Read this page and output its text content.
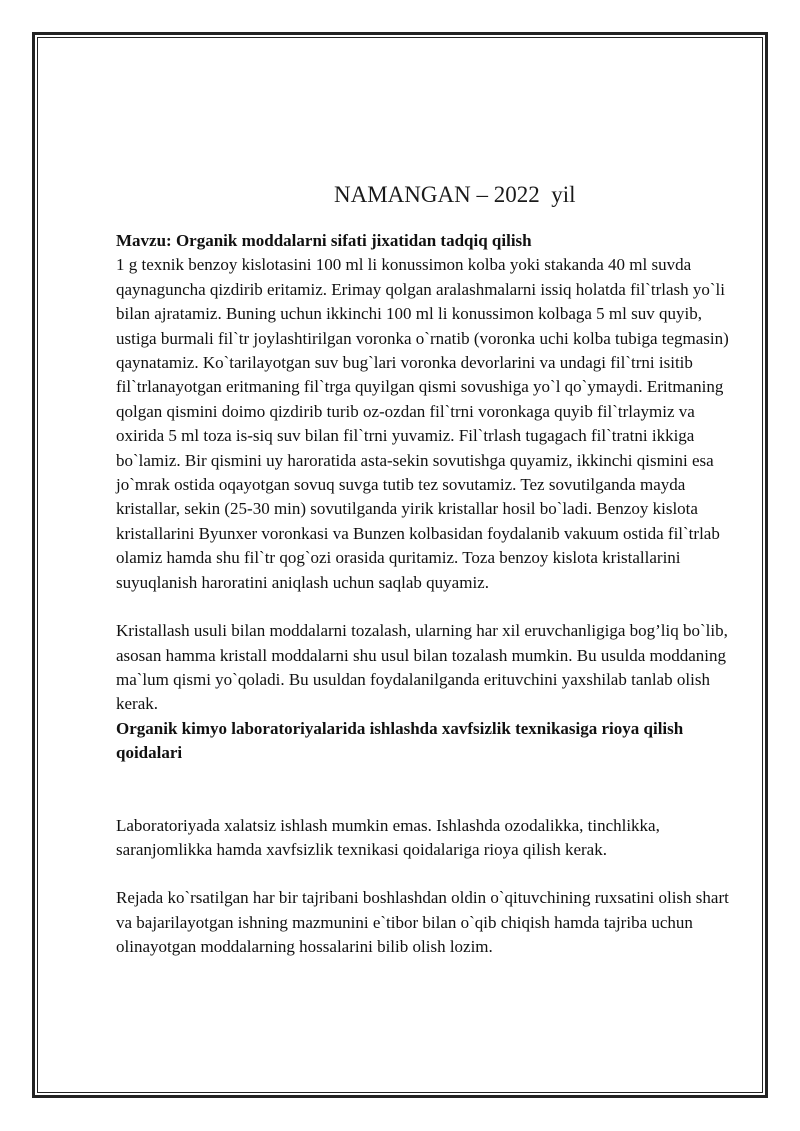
NAMANGAN – 2022  yil

Mavzu: Organik moddalarni sifati jixatidan tadqiq qilish

1 g texnik benzoy kislotasini 100 ml li konussimon kolba yoki stakanda 40 ml suvda qaynaguncha qizdirib eritamiz. Erimay qolgan aralashmalarni issiq holatda fil`trlash yo`li bilan ajratamiz. Buning uchun ikkinchi 100 ml li konussimon kolbaga 5 ml suv quyib, ustiga burmali fil`tr joylashtirilgan voronka o`rnatib (voronka uchi kolba tubiga tegmasin) qaynatamiz. Ko`tarilayotgan suv bug`lari voronka devorlarini va undagi fil`trni isitib fil`trlanayotgan eritmaning fil`trga quyilgan qismi sovushiga yo`l qo`ymaydi. Eritmaning qolgan qismini doimo qizdirib turib oz-ozdan fil`trni voronkaga quyib fil`trlaymiz va oxirida 5 ml toza is-siq suv bilan fil`trni yuvamiz. Fil`trlash tugagach fil`tratni ikkiga bo`lamiz. Bir qismini uy haroratida asta-sekin sovutishga quyamiz, ikkinchi qismini esa jo`mrak ostida oqayotgan sovuq suvga tutib tez sovutamiz. Tez sovutilganda mayda kristallar, sekin (25-30 min) sovutilganda yirik kristallar hosil bo`ladi. Benzoy kislota kristallarini Byunxer voronkasi va Bunzen kolbasidan foydalanib vakuum ostida fil`trlab olamiz hamda shu fil`tr qog`ozi orasida quritamiz. Toza benzoy kislota kristallarini suyuqlanish haroratini aniqlash uchun saqlab quyamiz.

Kristallash usuli bilan moddalarni tozalash, ularning har xil eruvchanligiga bog’liq bo`lib, asosan hamma kristall moddalarni shu usul bilan tozalash mumkin. Bu usulda moddaning ma`lum qismi yo`qoladi. Bu usuldan foydalanilganda erituvchini yaxshilab tanlab olish kerak.

Organik kimyo laboratoriyalarida ishlashda xavfsizlik texnikasiga rioya qilish qoidalari

Laboratoriyada xalatsiz ishlash mumkin emas. Ishlashda ozodalikka, tinchlikka, saranjomlikka hamda xavfsizlik texnikasi qoidalariga rioya qilish kerak.

Rejada ko`rsatilgan har bir tajribani boshlashdan oldin o`qituvchining ruxsatini olish shart va bajarilayotgan ishning mazmunini e`tibor bilan o`qib chiqish hamda tajriba uchun olinayotgan moddalarning hossalarini bilib olish lozim.
